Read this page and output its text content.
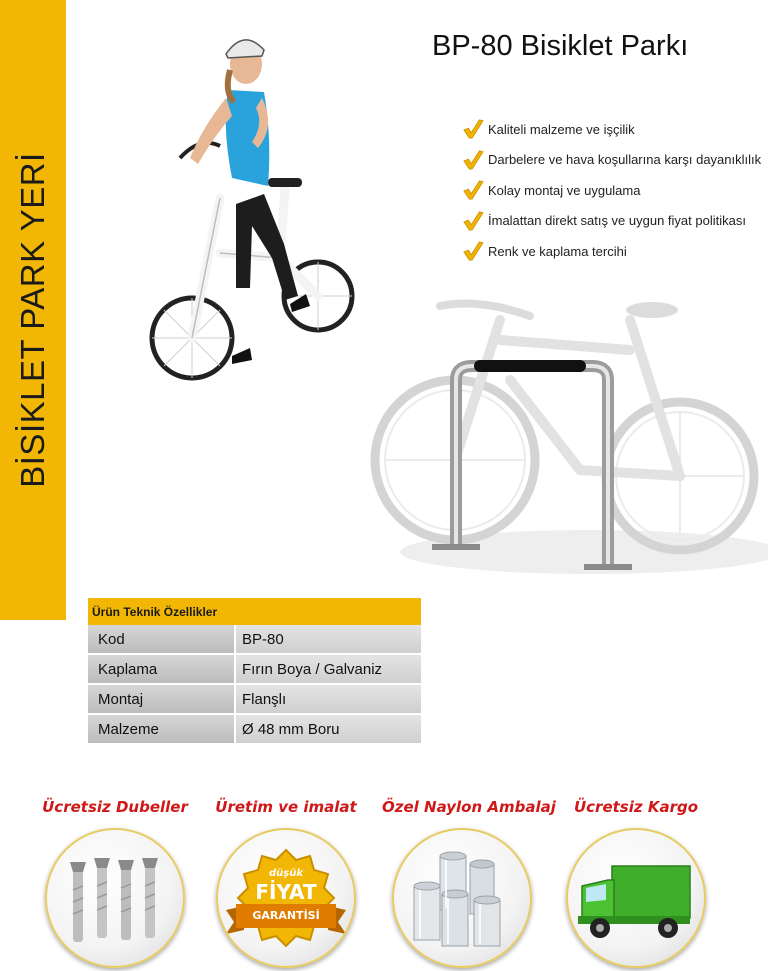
BİSİKLET PARK YERİ
BP-80 Bisiklet Parkı
Kaliteli malzeme ve işçilik
Darbelere ve hava koşullarına karşı dayanıklılık
Kolay montaj ve uygulama
İmalattan direkt satış ve uygun fiyat politikası
Renk ve kaplama tercihi
Ürün Teknik Özellikler	
Kod	BP-80
Kaplama	Fırın Boya / Galvaniz
Montaj	Flanşlı
Malzeme	Ø 48 mm Boru
Ücretsiz Dubeller	Üretim ve imalat
düşük
FİYAT
GARANTİSİ
Özel Naylon Ambalaj	Ücretsiz Kargo
